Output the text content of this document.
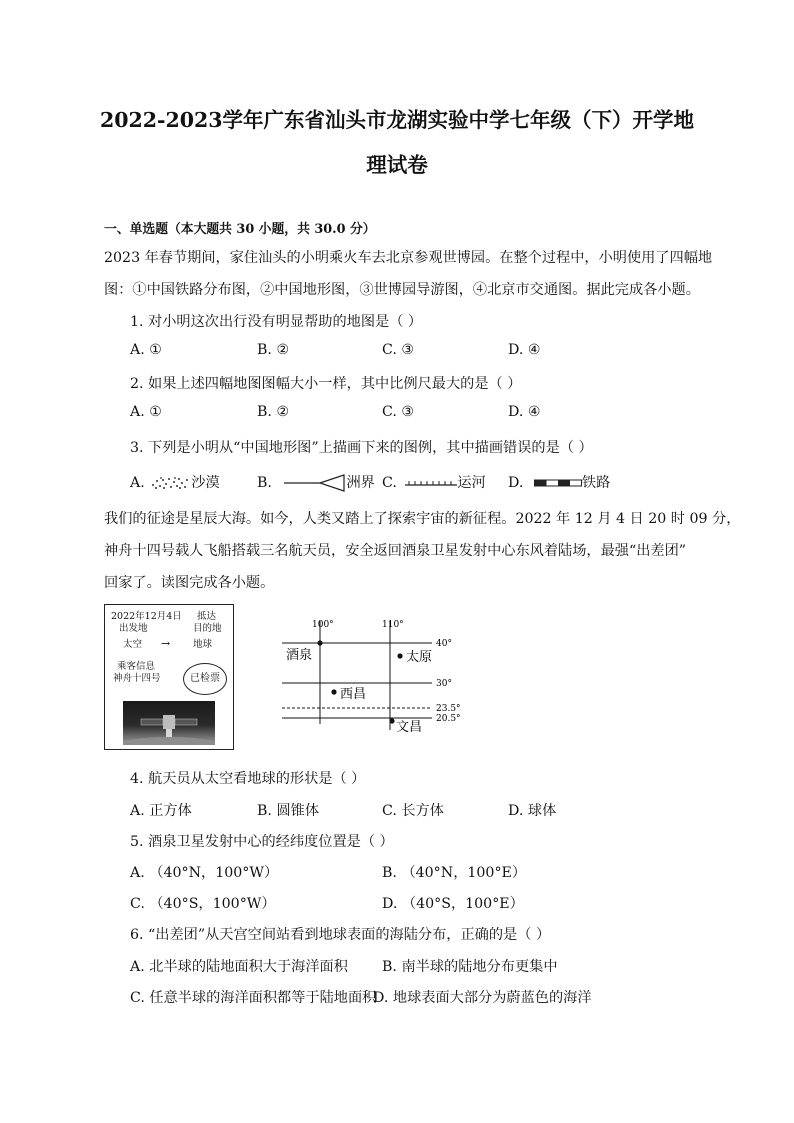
2022-2023学年广东省汕头市龙湖实验中学七年级（下）开学地
理试卷
一、单选题（本大题共 30 小题，共 30.0 分）
2023 年春节期间，家住汕头的小明乘火车去北京参观世博园。在整个过程中，小明使用了四幅地
图：①中国铁路分布图，②中国地形图，③世博园导游图，④北京市交通图。据此完成各小题。
1. 对小明这次出行没有明显帮助的地图是（ ）
A. ①	B. ②	C. ③	D. ④
2. 如果上述四幅地图图幅大小一样，其中比例尺最大的是（ ）
A. ①	B. ②	C. ③	D. ④
3. 下列是小明从“中国地形图”上描画下来的图例，其中描画错误的是（ ）
A.	沙漠	B.	洲界 C.	运河 D.	铁路
我们的征途是星辰大海。如今，人类又踏上了探索宇宙的新征程。2022 年 12 月 4 日 20 时 09 分，
神舟十四号载人飞船搭载三名航天员，安全返回酒泉卫星发射中心东风着陆场，最强“出差团”
回家了。读图完成各小题。
2022年12月4日 抵达
出发地	目的地
太空 → 地球
乘客信息
神舟十四号	已检票
100°	110°
40°
30°
23.5°
20.5°
酒泉	太原
西昌
文昌
4. 航天员从太空看地球的形状是（ ）
A. 正方体	B. 圆锥体	C. 长方体	D. 球体
5. 酒泉卫星发射中心的经纬度位置是（ ）
A. （40°N，100°W）	B. （40°N，100°E）
C. （40°S，100°W）	D. （40°S，100°E）
6. “出差团”从天宫空间站看到地球表面的海陆分布，正确的是（ ）
A. 北半球的陆地面积大于海洋面积 B. 南半球的陆地分布更集中
C. 任意半球的海洋面积都等于陆地面积
D. 地球表面大部分为蔚蓝色的海洋
